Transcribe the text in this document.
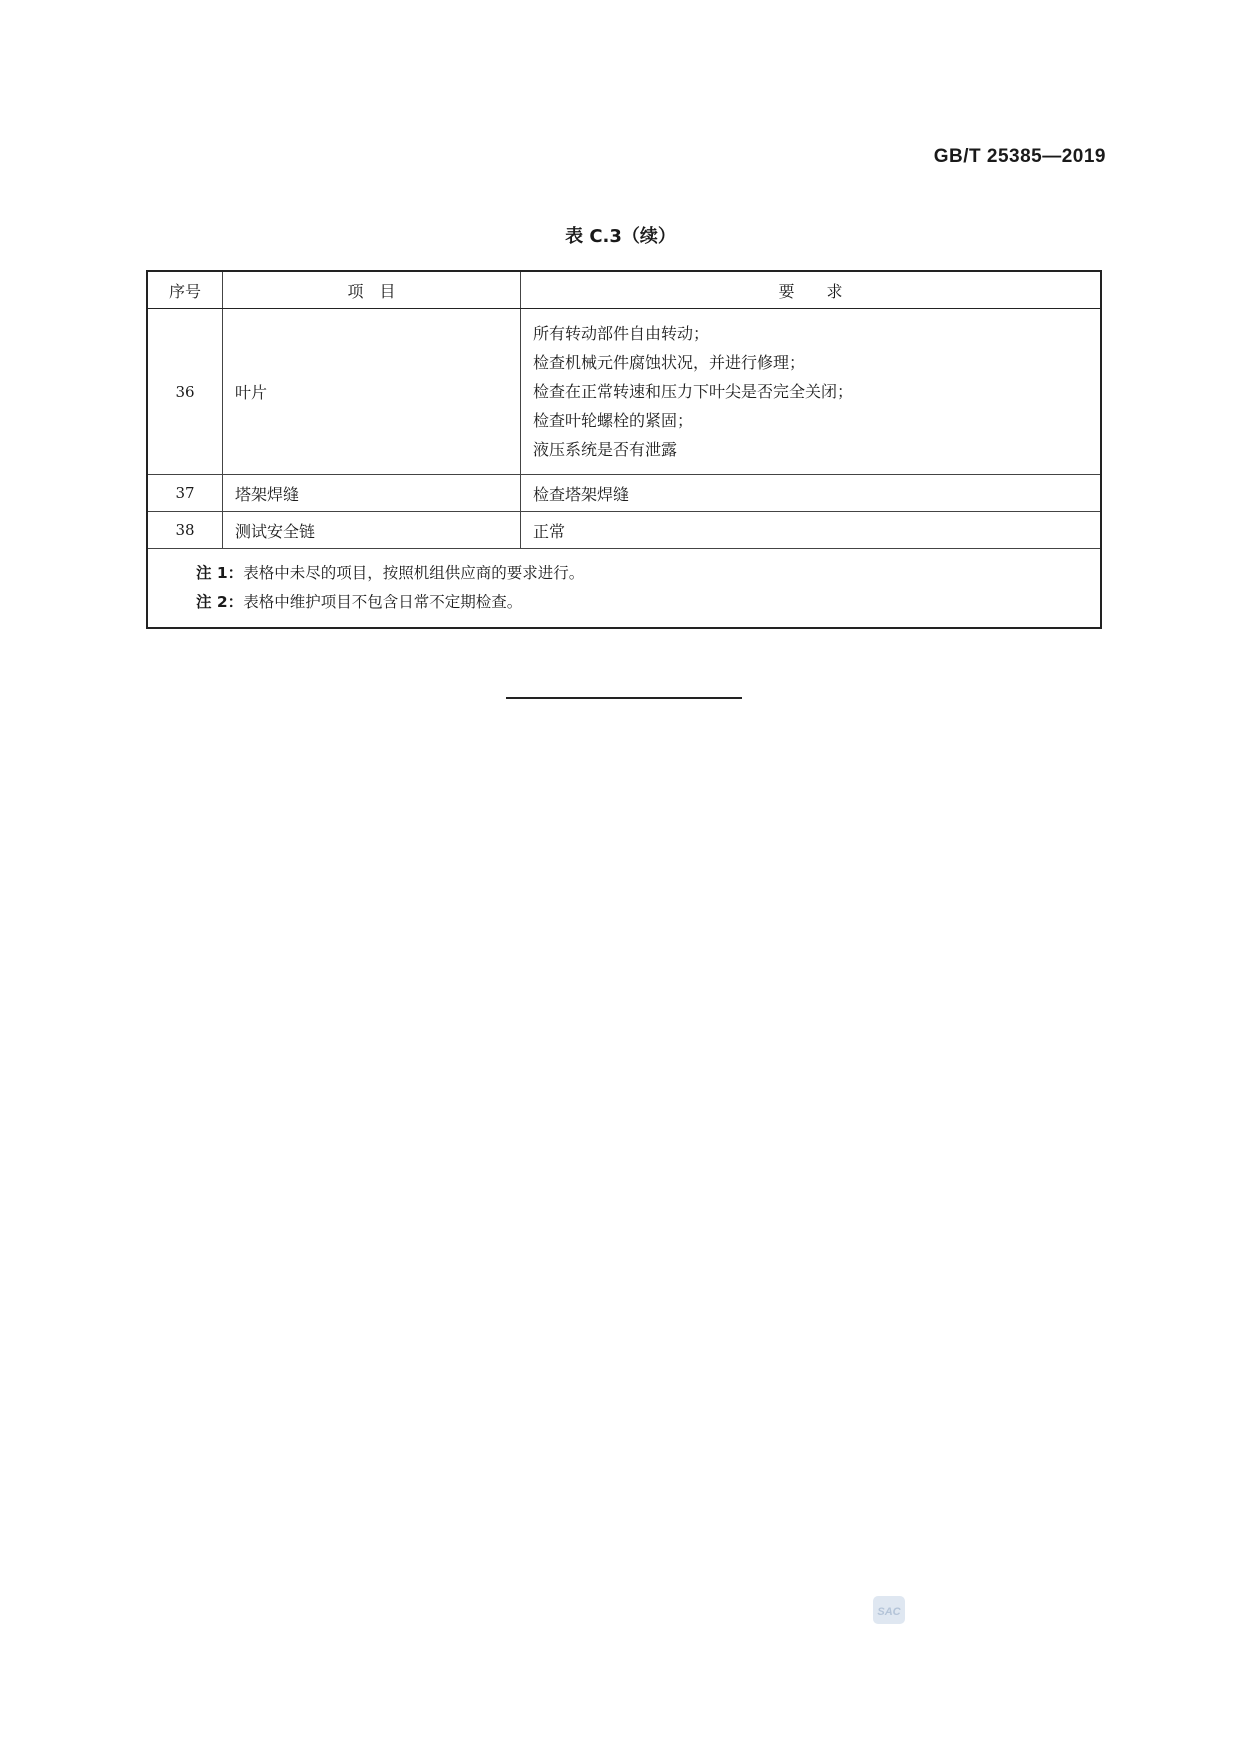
GB/T 25385—2019
表 C.3（续）
序号	项　目	要　　求
36	叶片	所有转动部件自由转动；
检查机械元件腐蚀状况，并进行修理；
检查在正常转速和压力下叶尖是否完全关闭；
检查叶轮螺栓的紧固；
液压系统是否有泄露

37	塔架焊缝	检查塔架焊缝
38	测试安全链	正常

注 1：表格中未尽的项目，按照机组供应商的要求进行。
注 2：表格中维护项目不包含日常不定期检查。		
SAC
